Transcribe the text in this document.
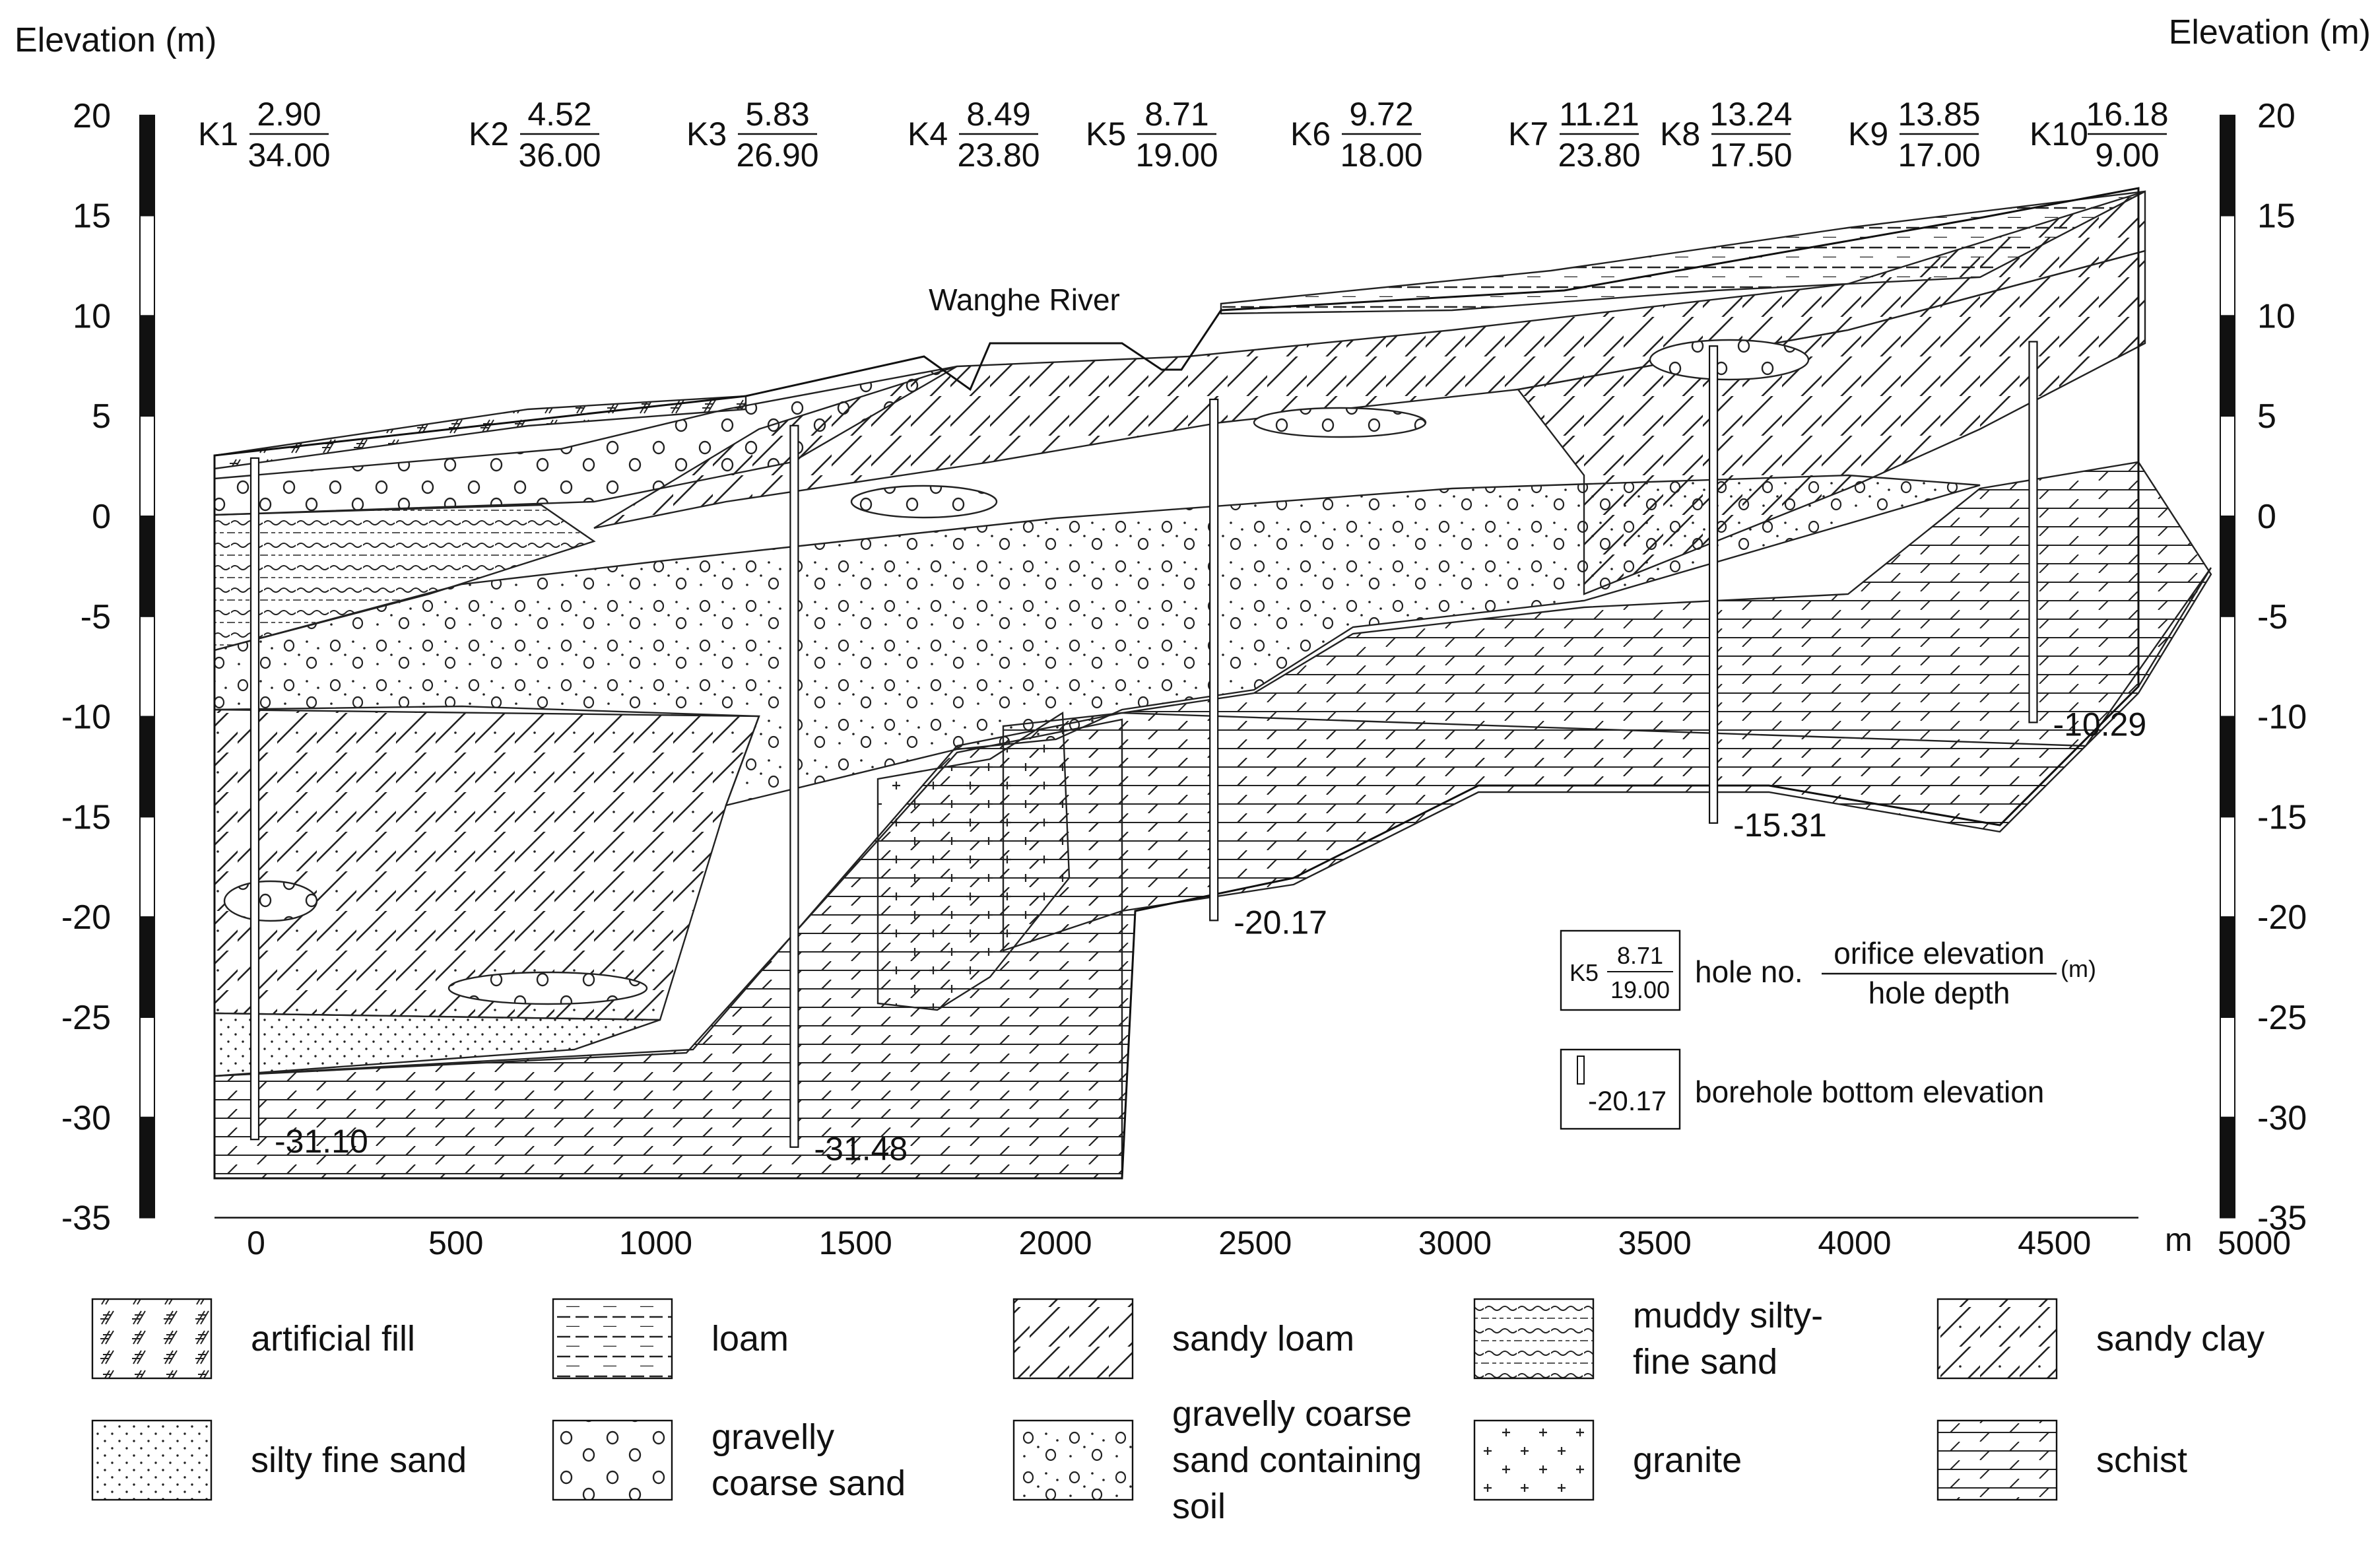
Elevation (m)	Elevation (m)
20
15
10
5
0
-5
-10
-15
-20
-25
-30
-35
20
15
10
5
0
-5
-10
-15
-20
-25
-30
-35
0	500	1000	1500	2000	2500	3000	3500	4000	4500	5000
m
Wanghe River
K1
2.90
34.00
-31.10
K2
4.52
36.00
-31.48
K3
5.83
26.90
-20.17
K4
8.49
23.80
-15.31
K5
8.71
19.00
-10.29
K6
9.72
18.00
K7
11.21
23.80
K8
13.24
17.50
K9
13.85
17.00
K10
16.18
9.00
K5
8.71
19.00
hole no.
orifice elevation
hole depth
(m)
-20.17 borehole bottom elevation
artificial fill	loam	sandy loam
muddy silty-fine sand
sandy clay
silty fine sand
gravelly coarse sand
gravelly coarse sand containing soil
granite	schist
